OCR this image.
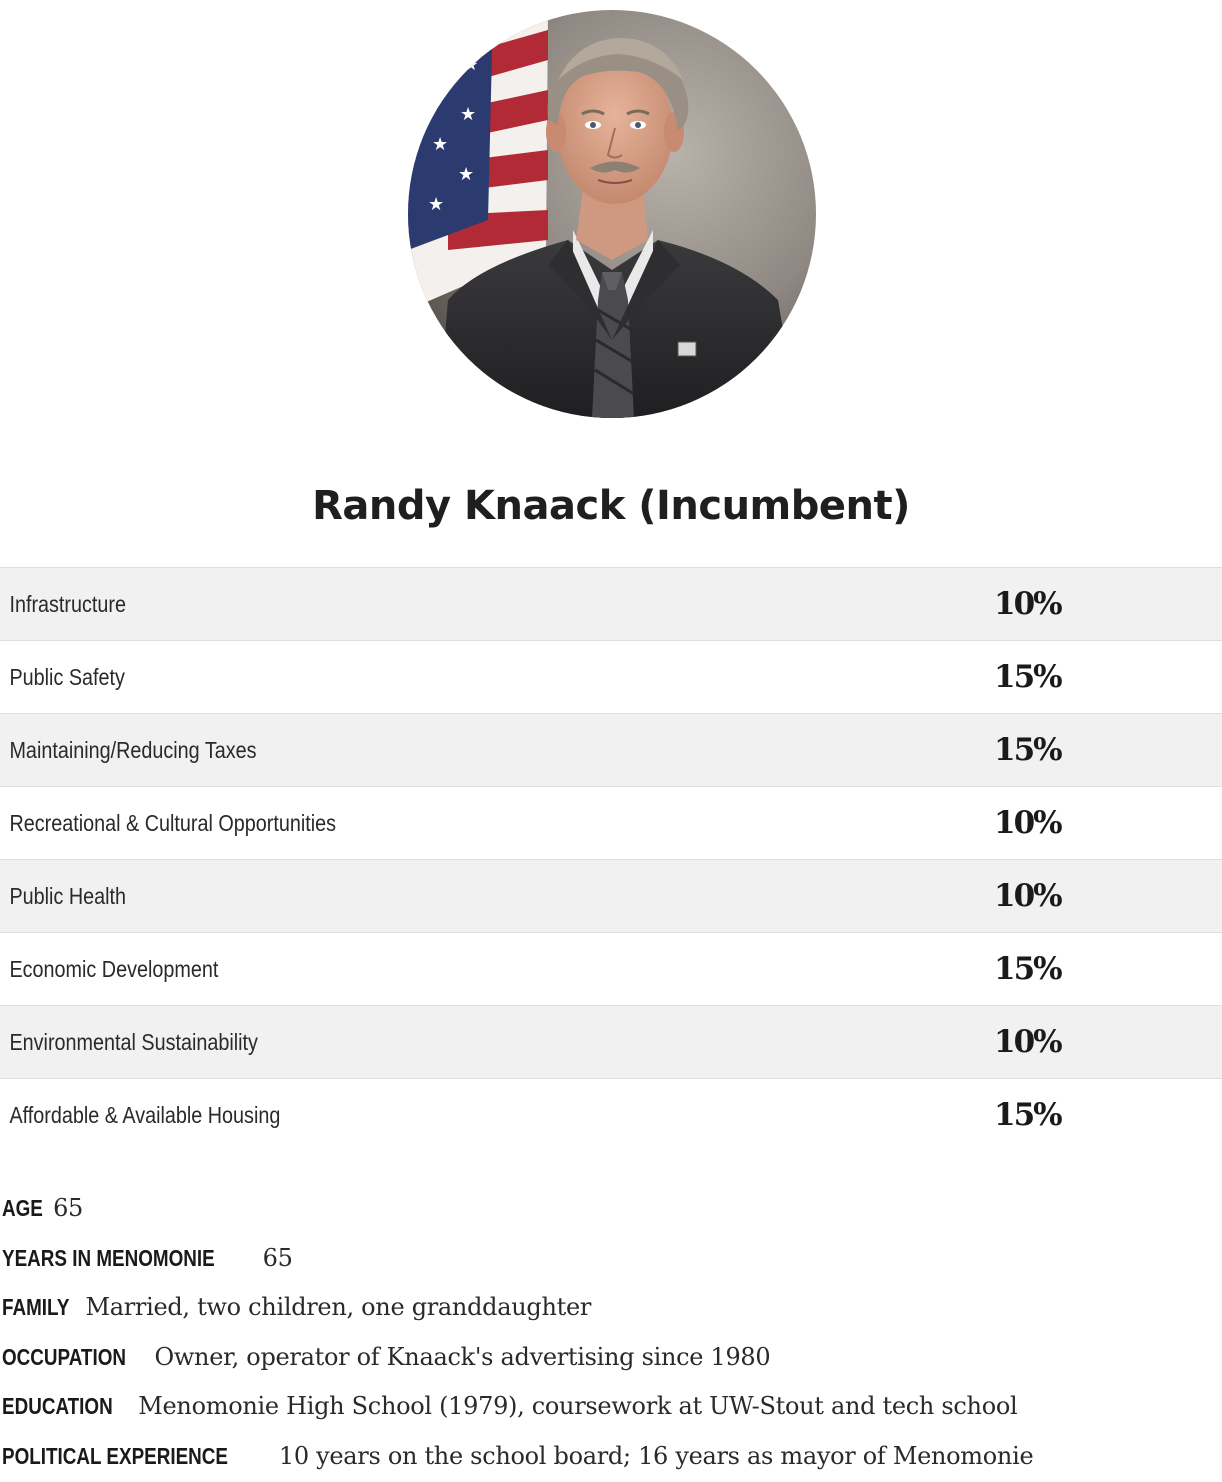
★
★
★
★
★
★
Randy Knaack (Incumbent)
Infrastructure	10%
Public Safety	15%
Maintaining/Reducing Taxes	15%
Recreational & Cultural Opportunities	10%
Public Health	10%
Economic Development	15%
Environmental Sustainability	10%
Affordable & Available Housing	15%
AGE 65
YEARS IN MENOMONIE 65
FAMILY Married, two children, one granddaughter
OCCUPATION Owner, operator of Knaack's advertising since 1980
EDUCATION Menomonie High School (1979), coursework at UW-Stout and tech school
POLITICAL EXPERIENCE 10 years on the school board; 16 years as mayor of Menomonie
